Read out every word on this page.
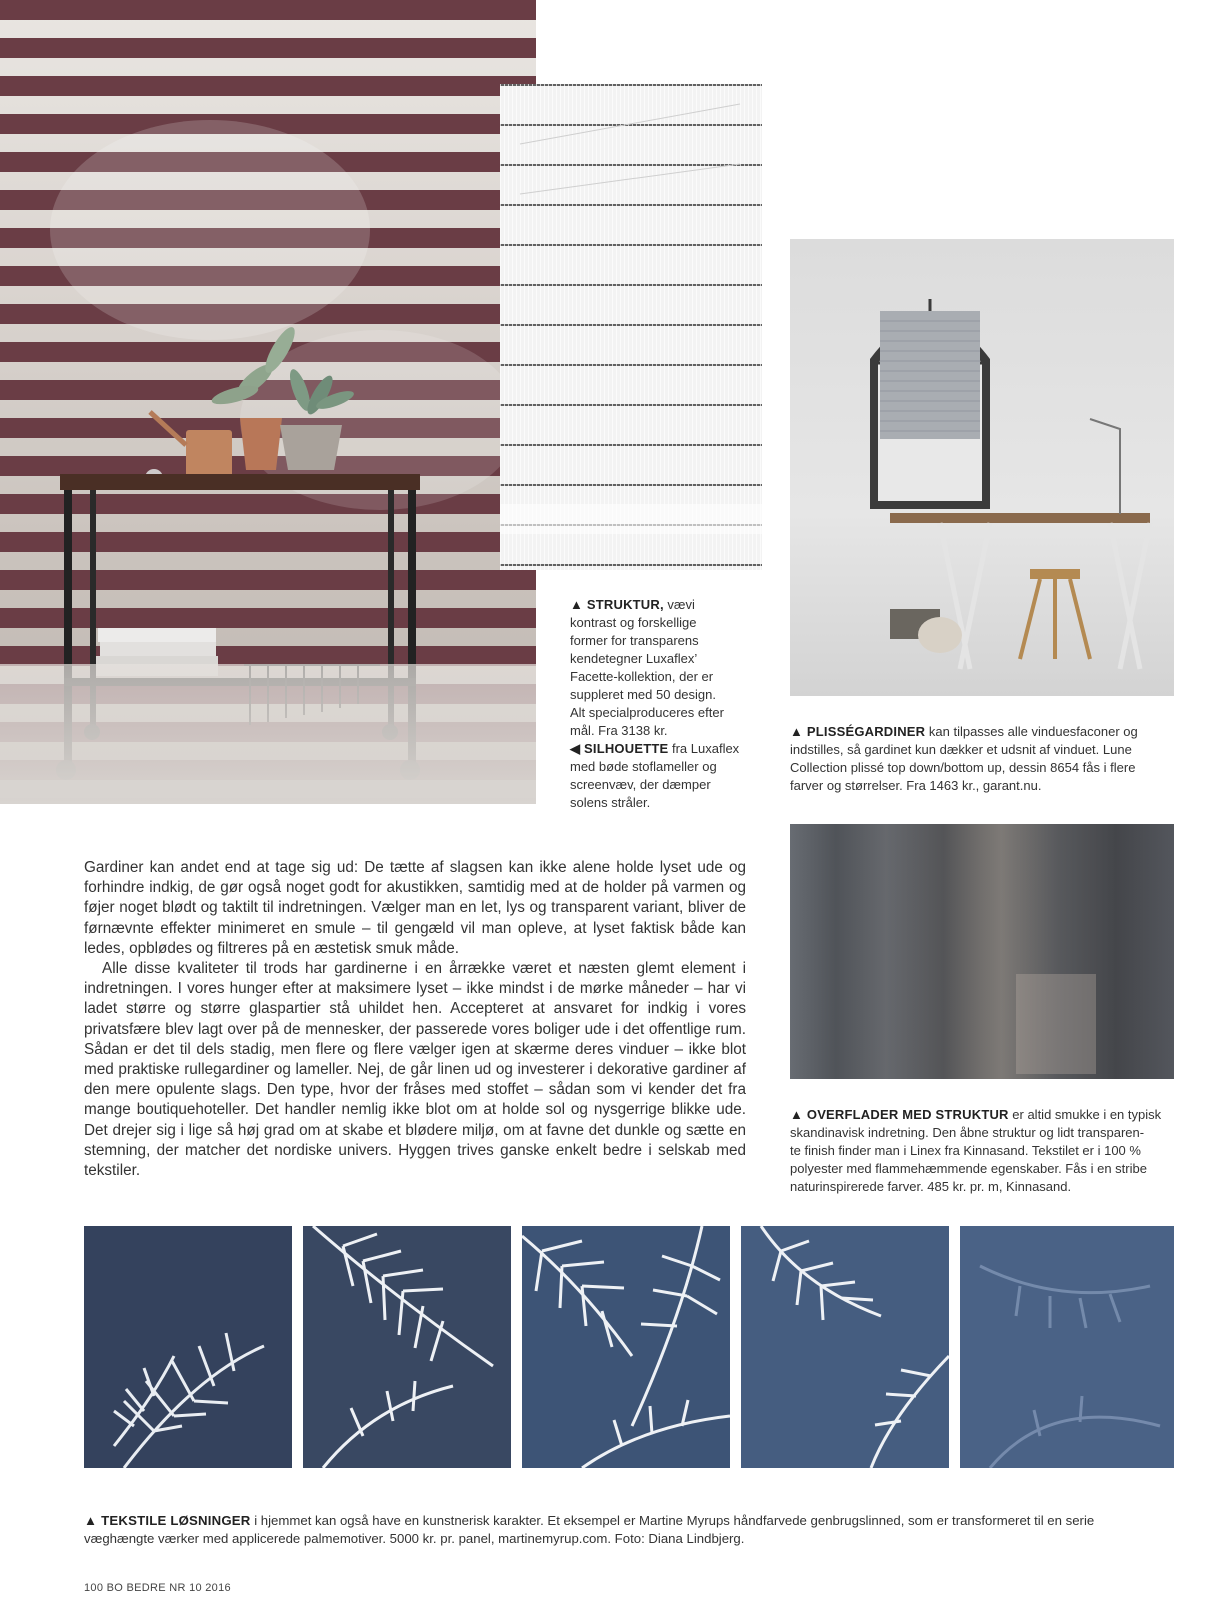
▲ STRUKTUR, vævi
kontrast og forskellige
former for transparens
kendetegner Luxaflex’
Facette-kollektion, der er
suppleret med 50 design.
Alt specialproduceres efter
mål. Fra 3138 kr.
◀ SILHOUETTE fra Luxaflex
med bøde stoflameller og
screenvæv, der dæmper
solens stråler.
▲ PLISSÉGARDINER kan tilpasses alle vinduesfaconer og
indstilles, så gardinet kun dækker et udsnit af vinduet. Lune
Collection plissé top down/bottom up, dessin 8654 fås i flere
farver og størrelser. Fra 1463 kr., garant.nu.
▲ OVERFLADER MED STRUKTUR er altid smukke i en typisk
skandinavisk indretning. Den åbne struktur og lidt transparen-
te finish finder man i Linex fra Kinnasand. Tekstilet er i 100 %
polyester med flammehæmmende egenskaber. Fås i en stribe
naturinspirerede farver. 485 kr. pr. m, Kinnasand.

Gardiner kan andet end at tage sig ud: De tætte af slagsen kan ikke alene holde lyset ude og forhindre indkig, de gør også noget godt for akustikken, samtidig med at de holder på varmen og føjer noget blødt og taktilt til indretningen. Vælger man en let, lys og transparent variant, bliver de førnævnte effekter minimeret en smule – til gengæld vil man opleve, at lyset faktisk både kan ledes, opblødes og filtreres på en æstetisk smuk måde.

Alle disse kvaliteter til trods har gardinerne i en årrække været et næsten glemt element i indretningen. I vores hunger efter at maksimere lyset – ikke mindst i de mørke måneder – har vi ladet større og større glaspartier stå uhildet hen. Accepteret at ansvaret for indkig i vores privatsfære blev lagt over på de mennesker, der passerede vores boliger ude i det offentlige rum. Sådan er det til dels stadig, men flere og flere vælger igen at skærme deres vinduer – ikke blot med praktiske rullegardiner og lameller. Nej, de går linen ud og investerer i dekorative gardiner af den mere opulente slags. Den type, hvor der fråses med stoffet – sådan som vi kender det fra mange boutiquehoteller. Det handler nemlig ikke blot om at holde sol og nysgerrige blikke ude. Det drejer sig i lige så høj grad om at skabe et blødere miljø, om at favne det dunkle og sætte en stemning, der matcher det nordiske univers. Hyggen trives ganske enkelt bedre i selskab med tekstiler.

▲ TEKSTILE LØSNINGER i hjemmet kan også have en kunstnerisk karakter. Et eksempel er Martine Myrups håndfarvede genbrugslinned, som er transformeret til en serie
væghængte værker med applicerede palmemotiver. 5000 kr. pr. panel, martinemyrup.com. Foto: Diana Lindbjerg.
100 BO BEDRE NR 10 2016
